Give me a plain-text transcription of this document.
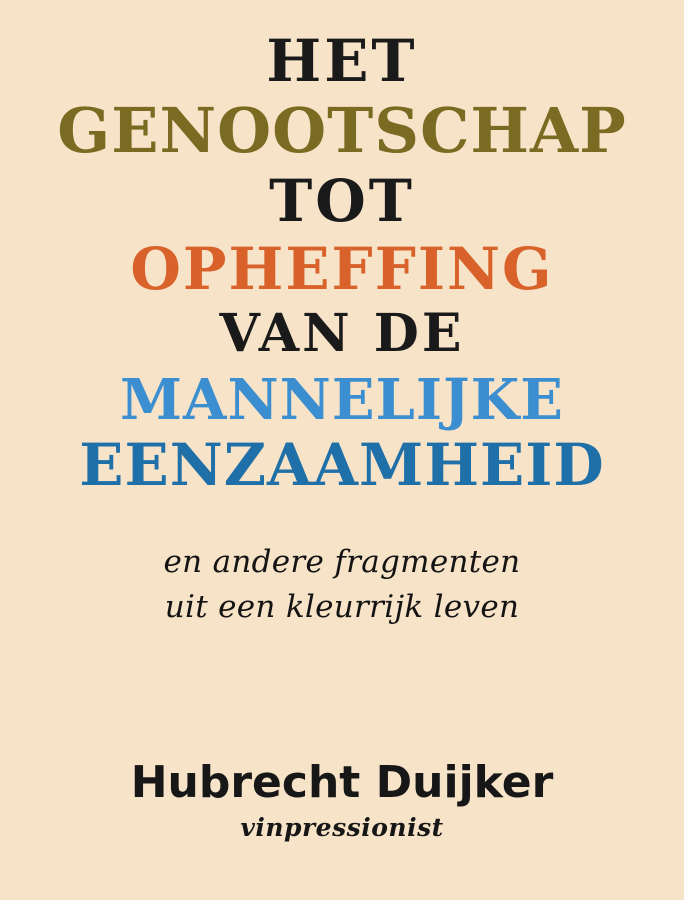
HET
GENOOTSCHAP
TOT
OPHEFFING
VAN DE
MANNELIJKE
EENZAAMHEID
en andere fragmenten
uit een kleurrijk leven
Hubrecht Duijker
vinpressionist
